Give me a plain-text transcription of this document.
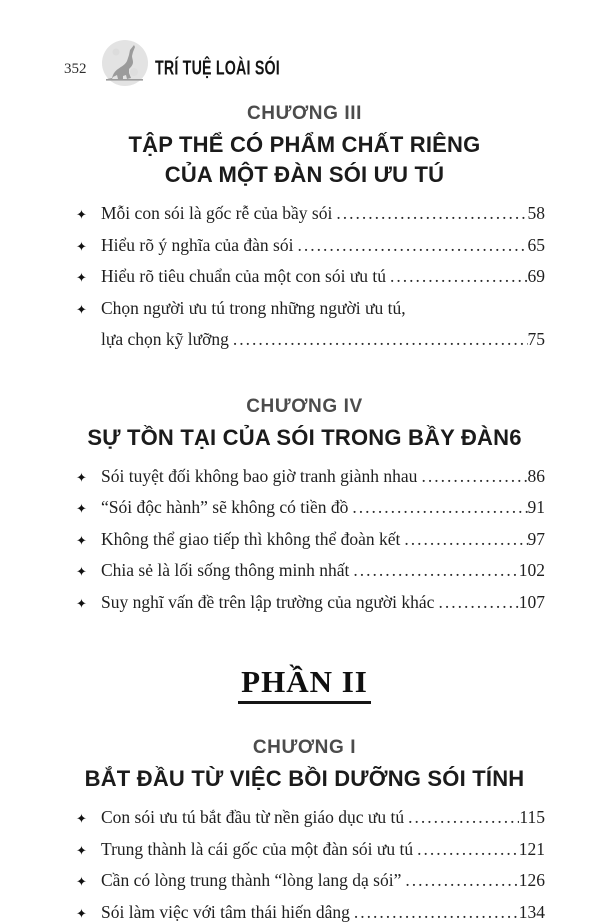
352	TRÍ TUỆ LOÀI SÓI
CHƯƠNG III
TẬP THỂ CÓ PHẨM CHẤT RIÊNG
CỦA MỘT ĐÀN SÓI ƯU TÚ
✦ Mỗi con sói là gốc rễ của bầy sói .....	58
✦ Hiểu rõ ý nghĩa của đàn sói .....	65
✦ Hiểu rõ tiêu chuẩn của một con sói ưu tú .....	69
✦ Chọn người ưu tú trong những người ưu tú,
lựa chọn kỹ lưỡng .....	75
CHƯƠNG IV
SỰ TỒN TẠI CỦA SÓI TRONG BẦY ĐÀN6
✦ Sói tuyệt đối không bao giờ tranh giành nhau .....	86
✦ “Sói độc hành” sẽ không có tiền đồ .....	91
✦ Không thể giao tiếp thì không thể đoàn kết .....	97
✦ Chia sẻ là lối sống thông minh nhất .....	102
✦ Suy nghĩ vấn đề trên lập trường của người khác .....	107
PHẦN II
CHƯƠNG I
BẮT ĐẦU TỪ VIỆC BỒI DƯỠNG SÓI TÍNH
✦ Con sói ưu tú bắt đầu từ nền giáo dục ưu tú .....	115
✦ Trung thành là cái gốc của một đàn sói ưu tú .....	121
✦ Cần có lòng trung thành “lòng lang dạ sói” .....	126
✦ Sói làm việc với tâm thái hiến dâng .....	134
